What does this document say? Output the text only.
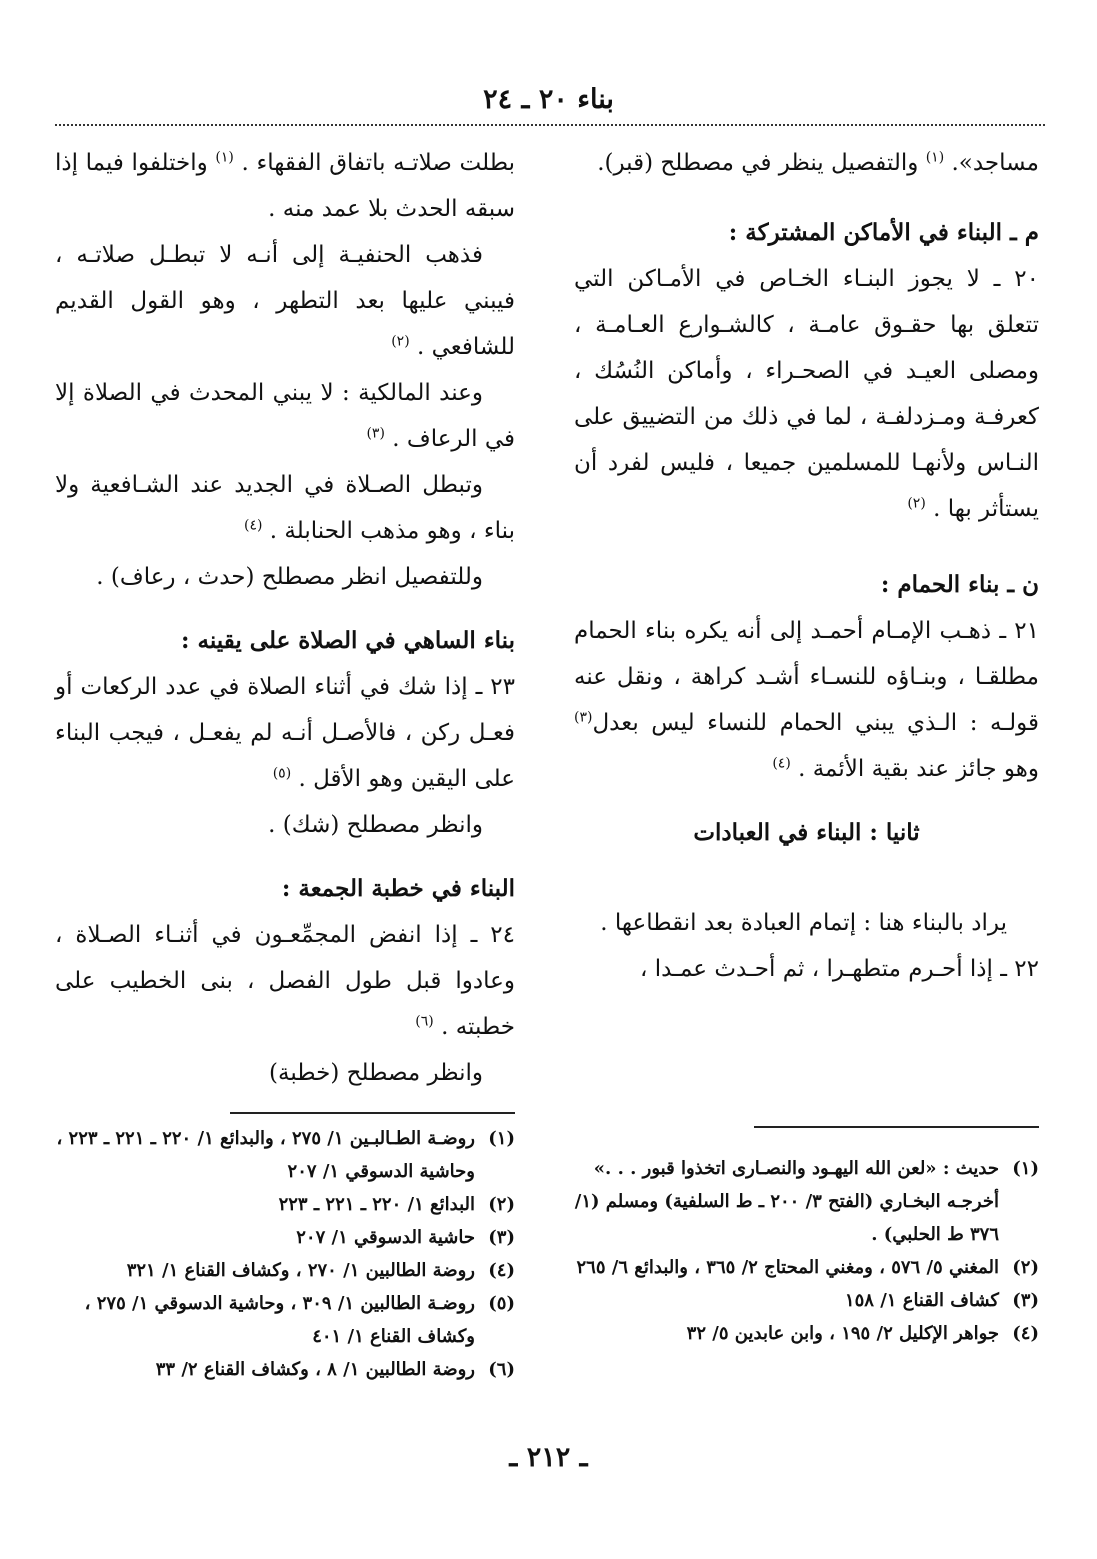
بناء ٢٠ ـ ٢٤

مساجد». $^{(١)}$ والتفصيل ينظر في مصطلح (قبر).

م ـ البناء في الأماكن المشتركة :

٢٠ ـ لا يجوز البنـاء الخـاص في الأمـاكن التي تتعلق بها حقـوق عامـة ، كالشـوارع العـامـة ، ومصلى العيـد في الصحـراء ، وأماكن النُسُك ، كعرفـة ومـزدلفـة ، لما في ذلك من التضييق على النـاس ولأنهـا للمسلمين جميعا ، فليس لفرد أن يستأثر بها . $^{(٢)}$

ن ـ بناء الحمام :

٢١ ـ ذهـب الإمـام أحمـد إلى أنه يكره بناء الحمام مطلقـا ، وبنـاؤه للنسـاء أشـد كراهة ، ونقل عنه قولـه : الـذي يبني الحمام للنساء ليس بعدل$^{(٣)}$ وهو جائز عند بقية الأئمة . $^{(٤)}$

ثانيا : البناء في العبادات

يراد بالبناء هنا : إتمام العبادة بعد انقطاعها .

٢٢ ـ إذا أحـرم متطهـرا ، ثم أحـدث عمـدا ،

بطلت صلاتـه باتفاق الفقهاء . $^{(١)}$ واختلفوا فيما إذا سبقه الحدث بلا عمد منه .

فذهب الحنفيـة إلى أنـه لا تبطـل صلاتـه ، فيبني عليها بعد التطهر ، وهو القول القديم للشافعي . $^{(٢)}$

وعند المالكية : لا يبني المحدث في الصلاة إلا في الرعاف . $^{(٣)}$

وتبطل الصـلاة في الجديد عند الشـافعية ولا بناء ، وهو مذهب الحنابلة . $^{(٤)}$

وللتفصيل انظر مصطلح (حدث ، رعاف) .

بناء الساهي في الصلاة على يقينه :

٢٣ ـ إذا شك في أثناء الصلاة في عدد الركعات أو فعـل ركن ، فالأصـل أنـه لم يفعـل ، فيجب البناء على اليقين وهو الأقل . $^{(٥)}$

وانظر مصطلح (شك) .

البناء في خطبة الجمعة :

٢٤ ـ إذا انفض المجمِّعـون في أثنـاء الصـلاة ، وعادوا قبل طول الفصل ، بنى الخطيب على خطبته . $^{(٦)}$

وانظر مصطلح (خطبة)

(١)
حديث : «لعن الله اليهـود والنصـارى اتخذوا قبور . . .» أخرجـه البخـاري (الفتح ٣/ ٢٠٠ ـ ط السلفية) ومسلم (١/ ٣٧٦ ط الحلبي) .
(٢)
المغني ٥/ ٥٧٦ ، ومغني المحتاج ٢/ ٣٦٥ ، والبدائع ٦/ ٢٦٥
(٣)
كشاف القناع ١/ ١٥٨
(٤)
جواهر الإكليل ٢/ ١٩٥ ، وابن عابدين ٥/ ٣٢
(١)
روضـة الطـالبـين ١/ ٢٧٥ ، والبدائع ١/ ٢٢٠ ـ ٢٢١ ـ ٢٢٣ ، وحاشية الدسوقي ١/ ٢٠٧
(٢)
البدائع ١/ ٢٢٠ ـ ٢٢١ ـ ٢٢٣
(٣)
حاشية الدسوقي ١/ ٢٠٧
(٤)
روضة الطالبين ١/ ٢٧٠ ، وكشاف القناع ١/ ٣٢١
(٥)
روضـة الطالبين ١/ ٣٠٩ ، وحاشية الدسوقي ١/ ٢٧٥ ، وكشاف القناع ١/ ٤٠١
(٦)
روضة الطالبين ١/ ٨ ، وكشاف القناع ٢/ ٣٣
ـ ٢١٢ ـ
